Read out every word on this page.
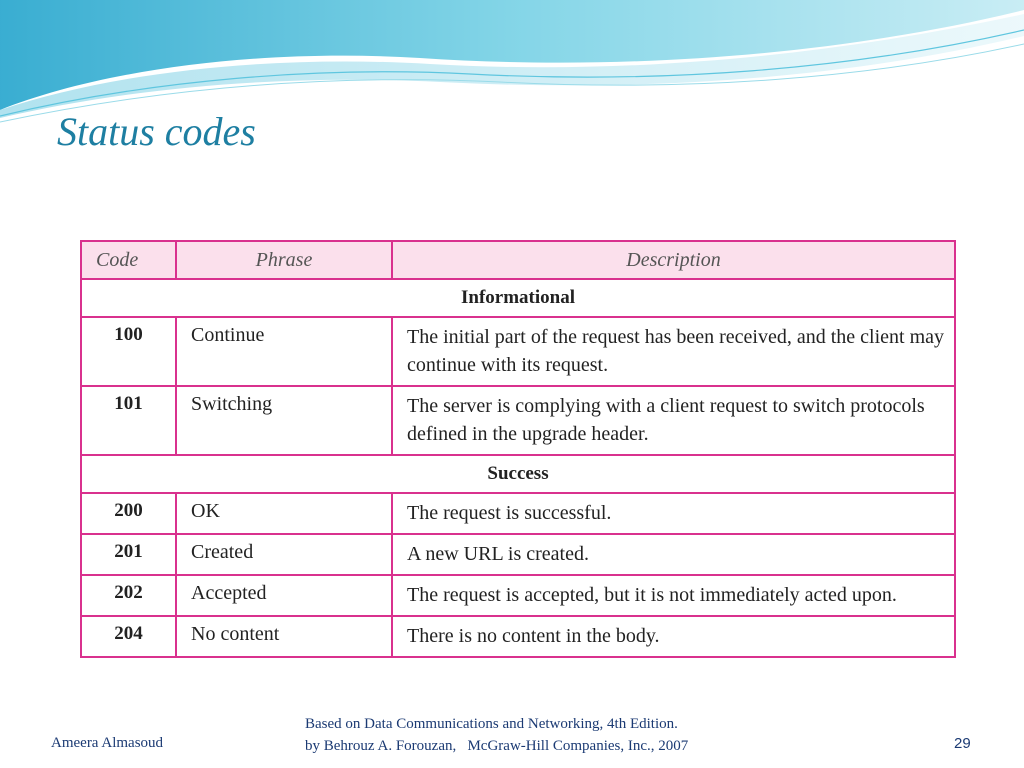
Status codes
Code	Phrase	Description
Informational		
100	Continue	The initial part of the request has been received, and the client may continue with its request.
101	Switching	The server is complying with a client request to switch protocols defined in the upgrade header.
Success		
200	OK	The request is successful.
201	Created	A new URL is created.
202	Accepted	The request is accepted, but it is not immediately acted upon.
204	No content	There is no content in the body.
Ameera Almasoud
Based on Data Communications and Networking, 4th Edition.
by Behrouz A. Forouzan,   McGraw-Hill Companies, Inc., 2007	29
